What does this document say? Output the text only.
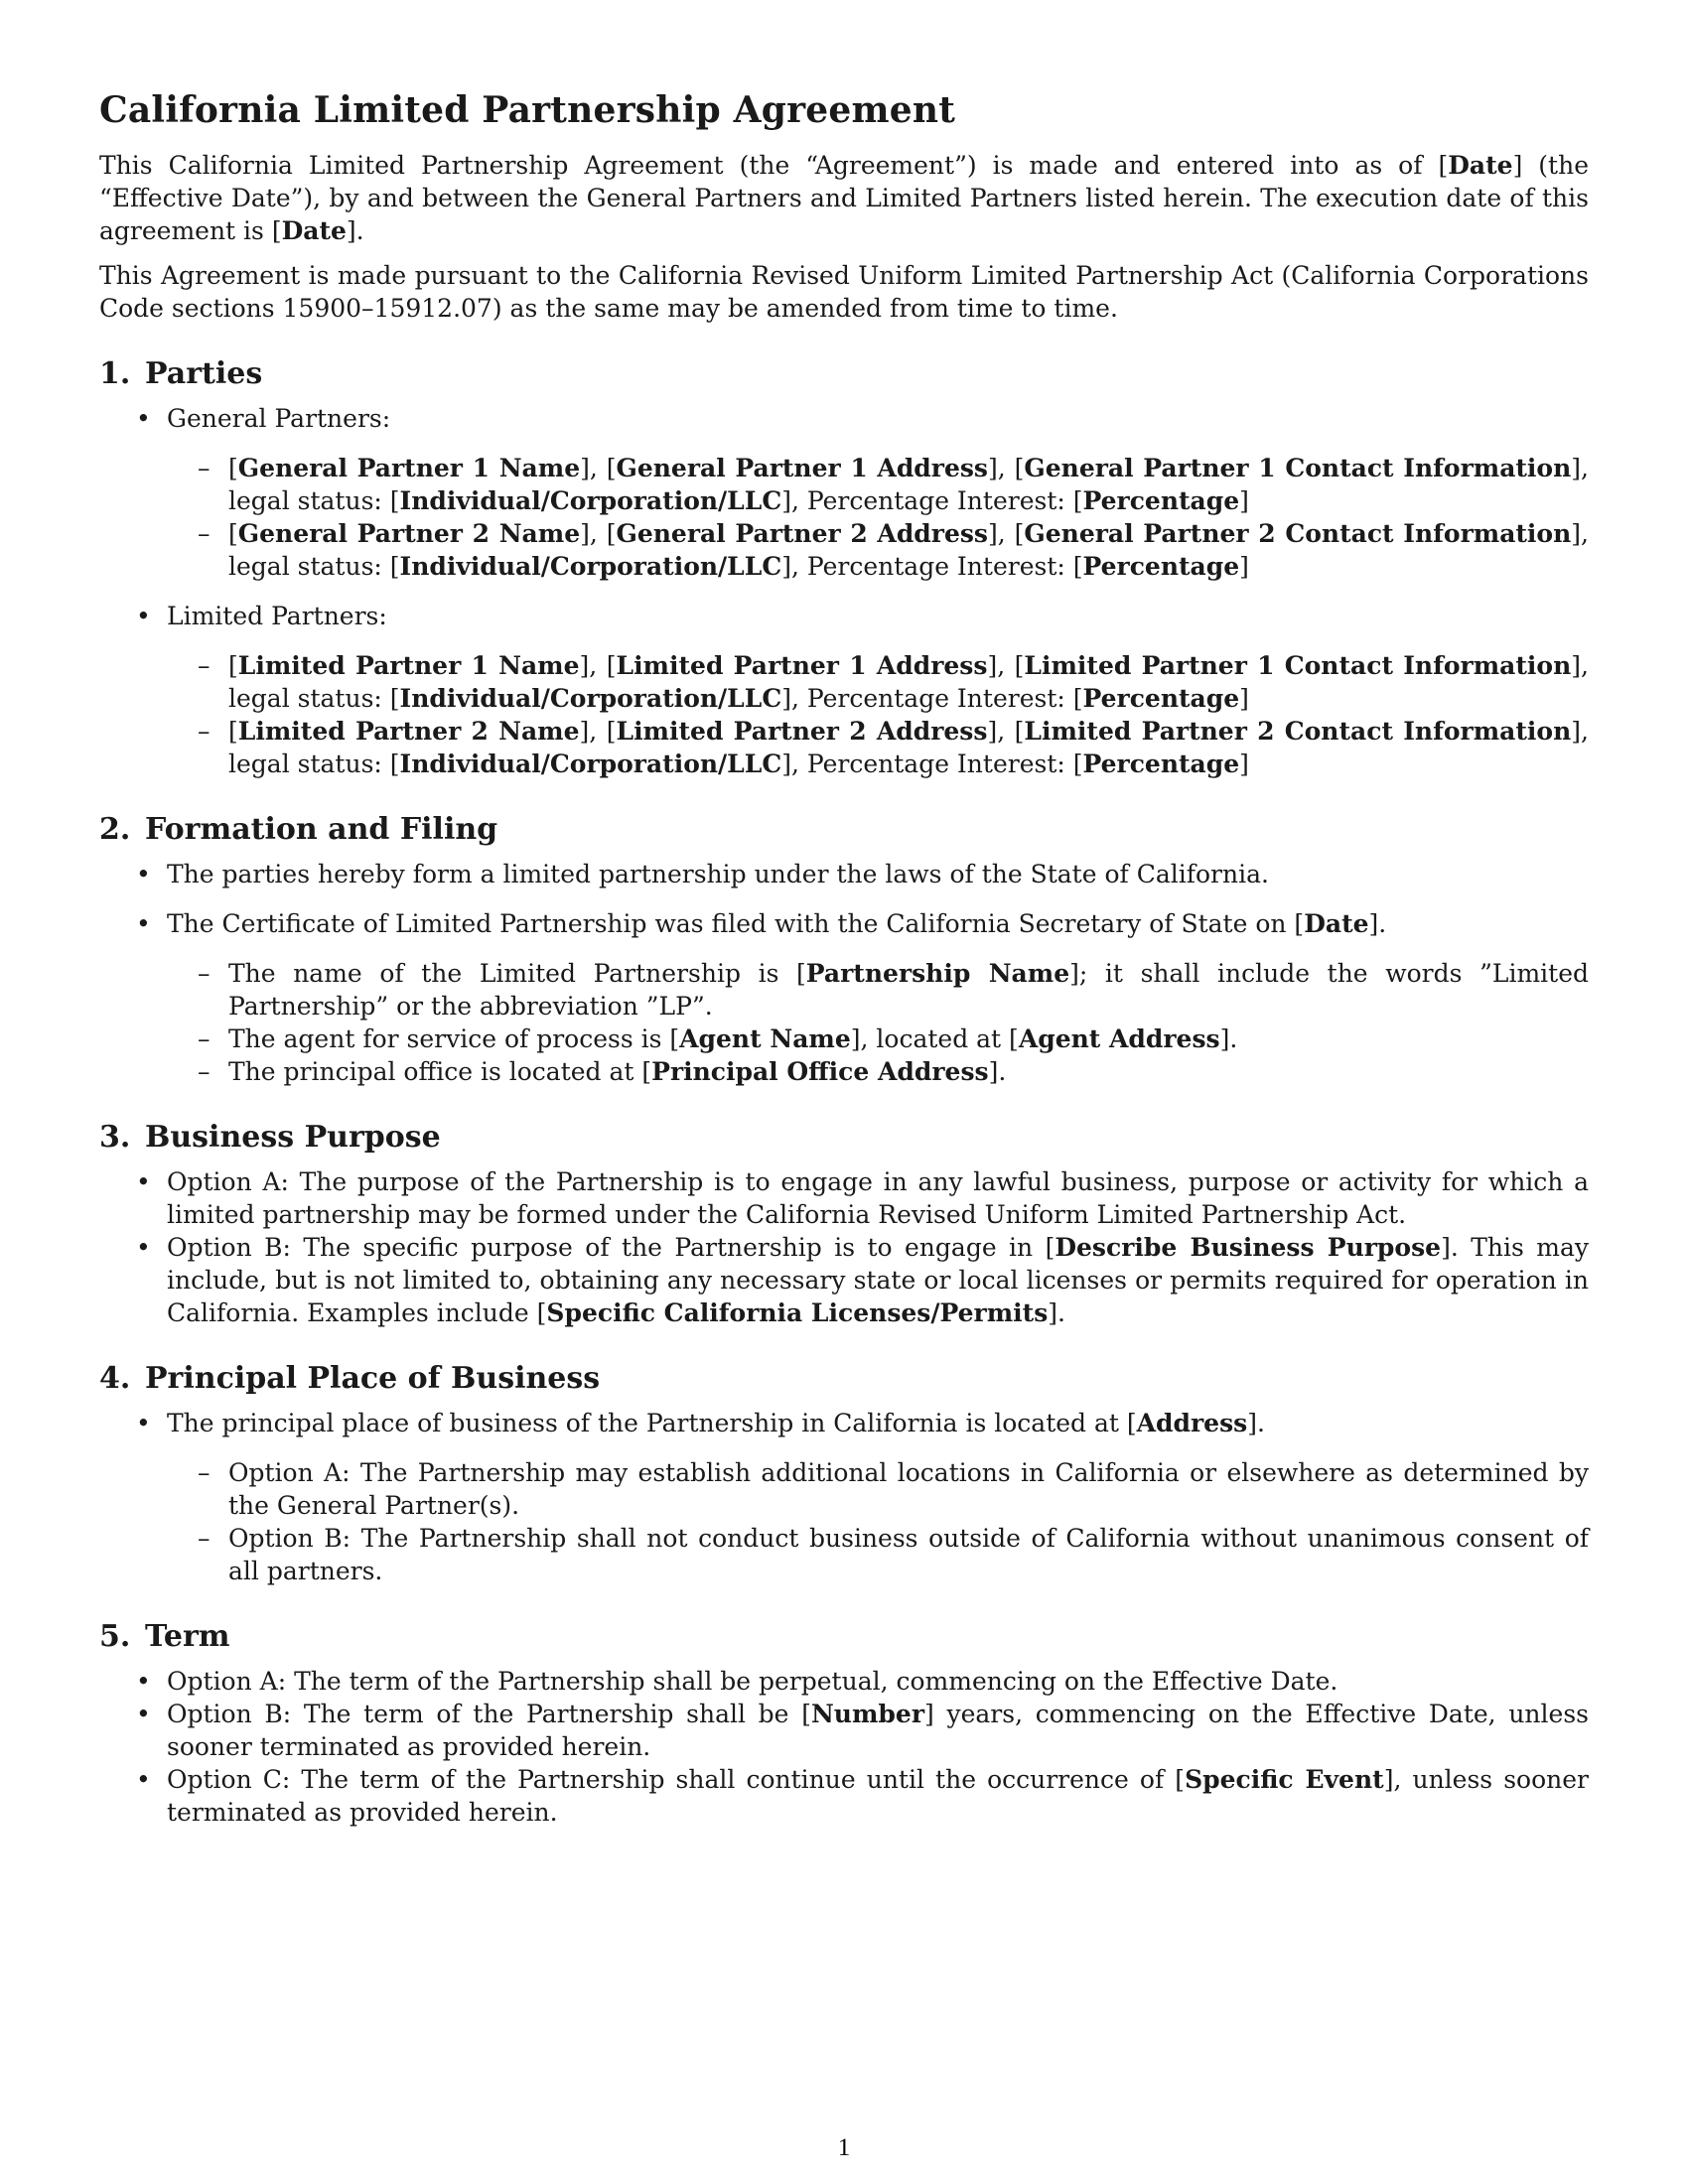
California Limited Partnership Agreement

This California Limited Partnership Agreement (the “Agreement”) is made and entered into as of [Date] (the “Effective Date”), by and between the General Partners and Limited Partners listed herein. The execution date of this agreement is [Date].

This Agreement is made pursuant to the California Revised Uniform Limited Partnership Act (California Corporations Code sections 15900–15912.07) as the same may be amended from time to time.

1. Parties
• General Partners:
– [General Partner 1 Name], [General Partner 1 Address], [General Partner 1 Contact Information], legal status: [Individual/Corporation/LLC], Percentage Interest: [Percentage]
– [General Partner 2 Name], [General Partner 2 Address], [General Partner 2 Contact Information], legal status: [Individual/Corporation/LLC], Percentage Interest: [Percentage]
• Limited Partners:
– [Limited Partner 1 Name], [Limited Partner 1 Address], [Limited Partner 1 Contact Information], legal status: [Individual/Corporation/LLC], Percentage Interest: [Percentage]
– [Limited Partner 2 Name], [Limited Partner 2 Address], [Limited Partner 2 Contact Information], legal status: [Individual/Corporation/LLC], Percentage Interest: [Percentage]
2. Formation and Filing
• The parties hereby form a limited partnership under the laws of the State of California.
• The Certificate of Limited Partnership was filed with the California Secretary of State on [Date].
– The name of the Limited Partnership is [Partnership Name]; it shall include the words ”Limited Partnership” or the abbreviation ”LP”.
– The agent for service of process is [Agent Name], located at [Agent Address].
– The principal office is located at [Principal Office Address].
3. Business Purpose
• Option A: The purpose of the Partnership is to engage in any lawful business, purpose or activity for which a limited partnership may be formed under the California Revised Uniform Limited Partnership Act.
• Option B: The specific purpose of the Partnership is to engage in [Describe Business Purpose]. This may include, but is not limited to, obtaining any necessary state or local licenses or permits required for operation in California. Examples include [Specific California Licenses/Permits].
4. Principal Place of Business
• The principal place of business of the Partnership in California is located at [Address].
– Option A: The Partnership may establish additional locations in California or elsewhere as determined by the General Partner(s).
– Option B: The Partnership shall not conduct business outside of California without unanimous consent of all partners.
5. Term
• Option A: The term of the Partnership shall be perpetual, commencing on the Effective Date.
• Option B: The term of the Partnership shall be [Number] years, commencing on the Effective Date, unless sooner terminated as provided herein.
• Option C: The term of the Partnership shall continue until the occurrence of [Specific Event], unless sooner terminated as provided herein.
1
